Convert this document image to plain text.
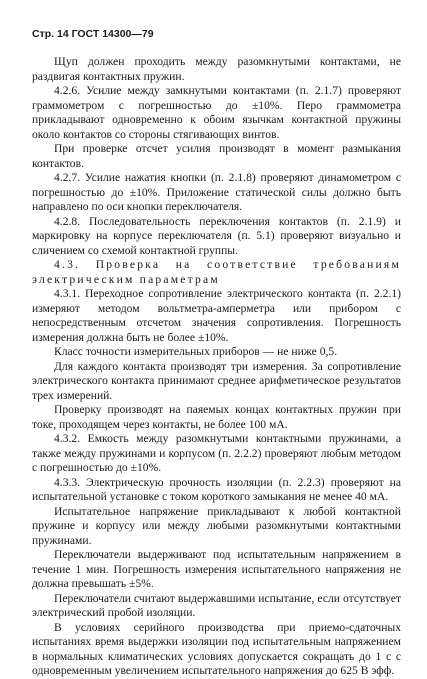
Стр. 14 ГОСТ 14300—79

Щуп должен проходить между разомкнутыми контактами, не раздвигая контактных пружин.

4.2.6. Усилие между замкнутыми контактами (п. 2.1.7) проверяют граммометром с погрешностью до ±10%. Перо граммометра прикладывают одновременно к обоим язычкам контактной пружины около контактов со стороны стягивающих винтов.

При проверке отсчет усилия производят в момент размыкания контактов.

4.2.7. Усилие нажатия кнопки (п. 2.1.8) проверяют динамометром с погрешностью до ±10%. Приложение статической силы должно быть направлено по оси кнопки переключателя.

4.2.8. Последовательность переключения контактов (п. 2.1.9) и маркировку на корпусе переключателя (п. 5.1) проверяют визуально и сличением со схемой контактной группы.

4.3. Проверка на соответствие требованиям электрическим параметрам

4.3.1. Переходное сопротивление электрического контакта (п. 2.2.1) измеряют методом вольтметра-амперметра или прибором с непосредственным отсчетом значения сопротивления. Погрешность измерения должна быть не более ±10%.

Класс точности измерительных приборов — не ниже 0,5.

Для каждого контакта производят три измерения. За сопротивление электрического контакта принимают среднее арифметическое результатов трех измерений.

Проверку производят на паяемых концах контактных пружин при токе, проходящем через контакты, не более 100 мА.

4.3.2. Емкость между разомкнутыми контактными пружинами, а также между пружинами и корпусом (п. 2.2.2) проверяют любым методом с погрешностью до ±10%.

4.3.3. Электрическую прочность изоляции (п. 2.2.3) проверяют на испытательной установке с током короткого замыкания не менее 40 мА.

Испытательное напряжение прикладывают к любой контактной пружине и корпусу или между любыми разомкнутыми контактными пружинами.

Переключатели выдерживают под испытательным напряжением в течение 1 мин. Погрешность измерения испытательного напряжения не должна превышать ±5%.

Переключатели считают выдержавшими испытание, если отсутствует электрический пробой изоляции.

В условиях серийного производства при приемо-сдаточных испытаниях время выдержки изоляции под испытательным напряжением в нормальных климатических условиях допускается сокращать до 1 с с одновременным увеличением испытательного напряжения до 625 В эфф.
